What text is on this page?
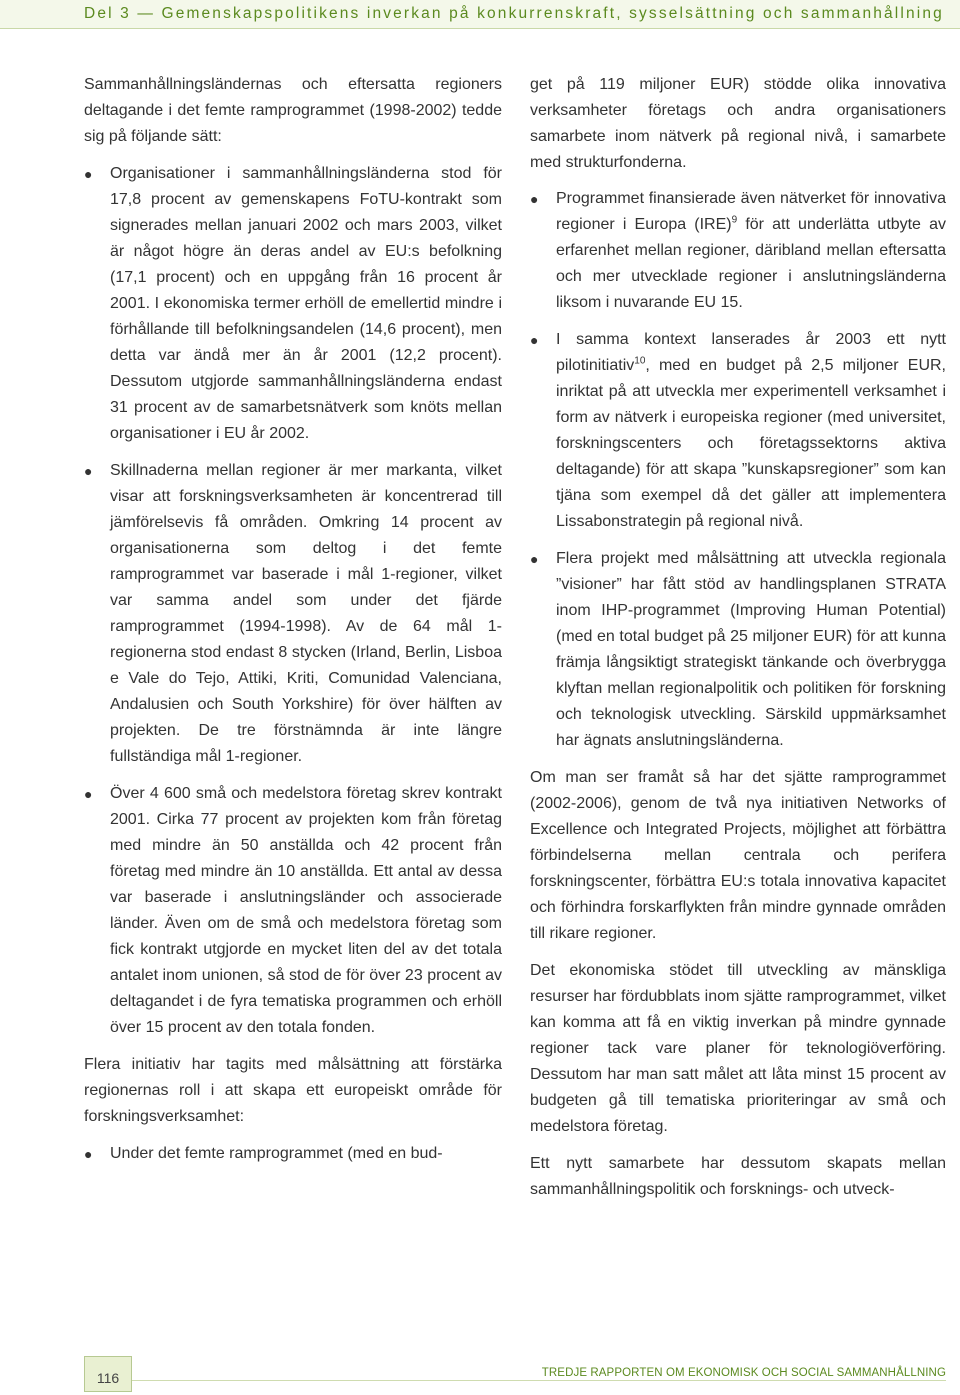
Del 3 — Gemenskapspolitikens inverkan på konkurrenskraft, sysselsättning och sammanhållning

Sammanhållningsländernas och eftersatta regioners deltagande i det femte ramprogrammet (1998-2002) tedde sig på följande sätt:

● Organisationer i sammanhållningsländerna stod för 17,8 procent av gemenskapens FoTU-kontrakt som signerades mellan januari 2002 och mars 2003, vilket är något högre än deras andel av EU:s befolkning (17,1 procent) och en uppgång från 16 procent år 2001. I ekonomiska termer erhöll de emellertid mindre i förhållande till befolkningsandelen (14,6 procent), men detta var ändå mer än år 2001 (12,2 procent). Dessutom utgjorde sammanhållningsländerna endast 31 procent av de samarbetsnätverk som knöts mellan organisationer i EU år 2002.
● Skillnaderna mellan regioner är mer markanta, vilket visar att forskningsverksamheten är koncentrerad till jämförelsevis få områden. Omkring 14 procent av organisationerna som deltog i det femte ramprogrammet var baserade i mål 1-regioner, vilket var samma andel som under det fjärde ramprogrammet (1994-1998). Av de 64 mål 1-regionerna stod endast 8 stycken (Irland, Berlin, Lisboa e Vale do Tejo, Attiki, Kriti, Comunidad Valenciana, Andalusien och South Yorkshire) för över hälften av projekten. De tre förstnämnda är inte längre fullständiga mål 1-regioner.
● Över 4 600 små och medelstora företag skrev kontrakt 2001. Cirka 77 procent av projekten kom från företag med mindre än 50 anställda och 42 procent från företag med mindre än 10 anställda. Ett antal av dessa var baserade i anslutningsländer och associerade länder. Även om de små och medelstora företag som fick kontrakt utgjorde en mycket liten del av det totala antalet inom unionen, så stod de för över 23 procent av deltagandet i de fyra tematiska programmen och erhöll över 15 procent av den totala fonden.

Flera initiativ har tagits med målsättning att förstärka regionernas roll i att skapa ett europeiskt område för forskningsverksamhet:

● Under det femte ramprogrammet (med en bud-

get på 119 miljoner EUR) stödde olika innovativa verksamheter företags och andra organisationers samarbete inom nätverk på regional nivå, i samarbete med strukturfonderna.

● Programmet finansierade även nätverket för innovativa regioner i Europa (IRE)$^9$ för att underlätta utbyte av erfarenhet mellan regioner, däribland mellan eftersatta och mer utvecklade regioner i anslutningsländerna liksom i nuvarande EU 15.
● I samma kontext lanserades år 2003 ett nytt pilotinitiativ$^{10}$, med en budget på 2,5 miljoner EUR, inriktat på att utveckla mer experimentell verksamhet i form av nätverk i europeiska regioner (med universitet, forskningscenters och företagssektorns aktiva deltagande) för att skapa ”kunskapsregioner” som kan tjäna som exempel då det gäller att implementera Lissabonstrategin på regional nivå.
● Flera projekt med målsättning att utveckla regionala ”visioner” har fått stöd av handlingsplanen STRATA inom IHP-programmet (Improving Human Potential) (med en total budget på 25 miljoner EUR) för att kunna främja långsiktigt strategiskt tänkande och överbrygga klyftan mellan regionalpolitik och politiken för forskning och teknologisk utveckling. Särskild uppmärksamhet har ägnats anslutningsländerna.

Om man ser framåt så har det sjätte ramprogrammet (2002-2006), genom de två nya initiativen Networks of Excellence och Integrated Projects, möjlighet att förbättra förbindelserna mellan centrala och perifera forskningscenter, förbättra EU:s totala innovativa kapacitet och förhindra forskarflykten från mindre gynnade områden till rikare regioner.

Det ekonomiska stödet till utveckling av mänskliga resurser har fördubblats inom sjätte ramprogrammet, vilket kan komma att få en viktig inverkan på mindre gynnade regioner tack vare planer för teknologiöverföring. Dessutom har man satt målet att låta minst 15 procent av budgeten gå till tematiska prioriteringar av små och medelstora företag.

Ett nytt samarbete har dessutom skapats mellan sammanhållningspolitik och forsknings- och utveck-

116	TREDJE RAPPORTEN OM EKONOMISK OCH SOCIAL SAMMANHÅLLNING
